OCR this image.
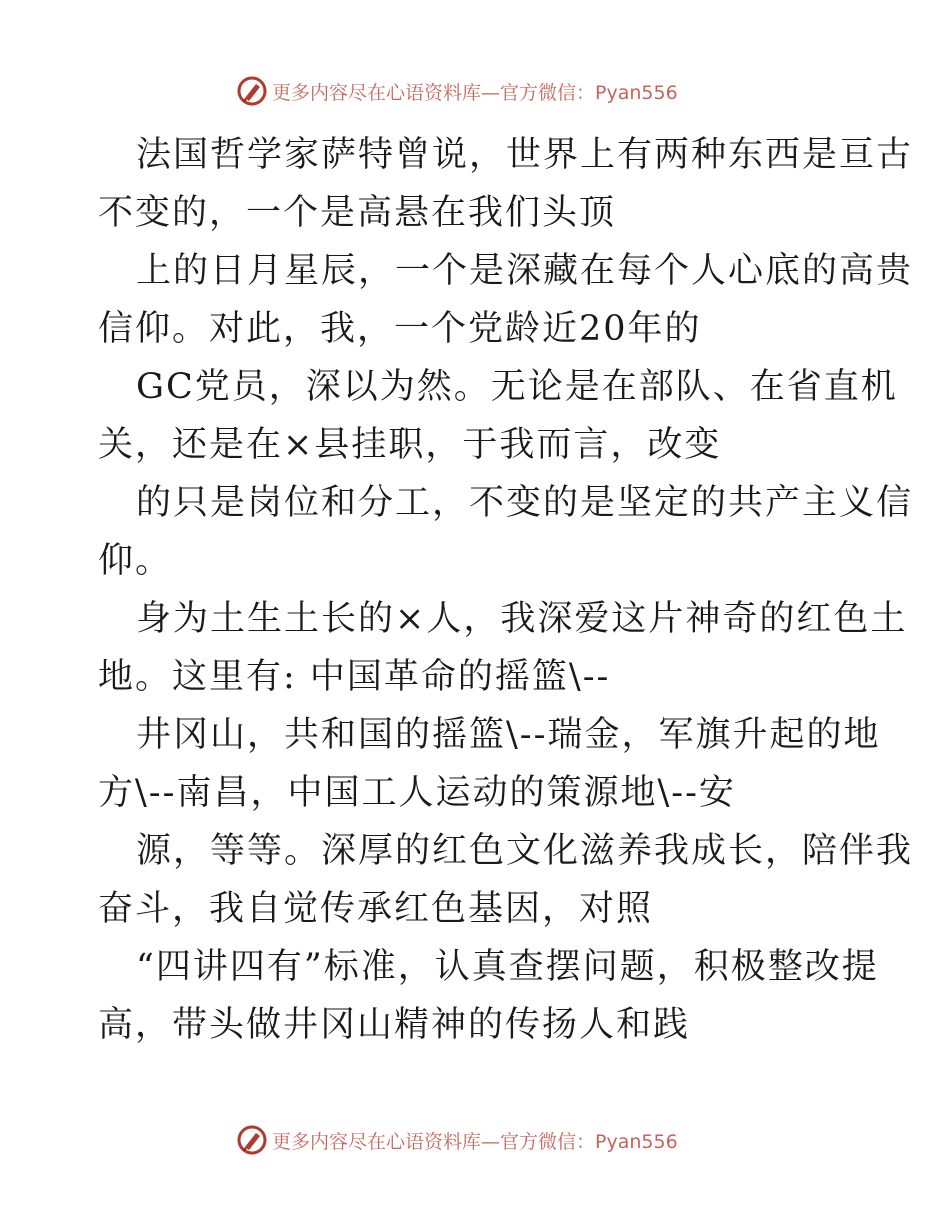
更多内容尽在心语资料库—官方微信：Pyan556
法国哲学家萨特曾说，世界上有两种东西是亘古
不变的，一个是高悬在我们头顶
上的日月星辰，一个是深藏在每个人心底的高贵
信仰。对此，我，一个党龄近20年的
GC党员，深以为然。无论是在部队、在省直机
关，还是在×县挂职，于我而言，改变
的只是岗位和分工，不变的是坚定的共产主义信
仰。
身为土生土长的×人，我深爱这片神奇的红色土
地。这里有: 中国革命的摇篮\--
井冈山，共和国的摇篮\--瑞金，军旗升起的地
方\--南昌，中国工人运动的策源地\--安
源，等等。深厚的红色文化滋养我成长，陪伴我
奋斗，我自觉传承红色基因，对照
“四讲四有”标准，认真查摆问题，积极整改提
高，带头做井冈山精神的传扬人和践
更多内容尽在心语资料库—官方微信：Pyan556
